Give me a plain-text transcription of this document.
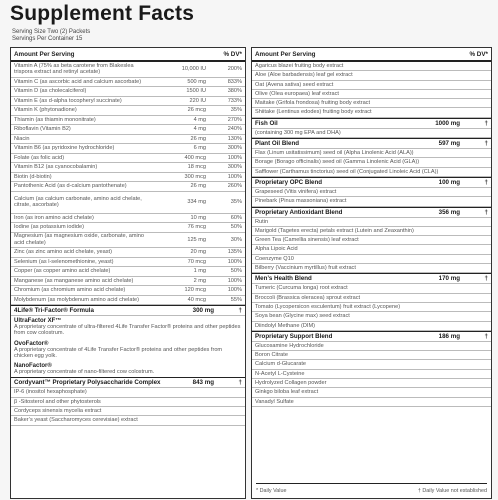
Supplement Facts
Serving Size Two (2) Packets
Servings Per Container 15
Amount Per Serving	% DV*
Vitamin A (75% as beta carotene from Blakeslea trispora extract and retinyl acetate)	10,000 IU	200%
Vitamin C (as ascorbic acid and calcium ascorbate)	500 mg	833%
Vitamin D (as cholecalciferol)	1500 IU	380%
Vitamin E (as d-alpha tocopheryl succinate)	220 IU	733%
Vitamin K (phytonadione)	26 mcg	35%
Thiamin (as thiamin mononitrate)	4 mg	270%
Riboflavin (Vitamin B2)	4 mg	240%
Niacin	26 mg	130%
Vitamin B6 (as pyridoxine hydrochloride)	6 mg	300%
Folate (as folic acid)	400 mcg	100%
Vitamin B12 (as cyanocobalamin)	18 mcg	300%
Biotin (d-biotin)	300 mcg	100%
Pantothenic Acid (as d-calcium pantothenate)	26 mg	260%
Calcium (as calcium carbonate, amino acid chelate, citrate, ascorbate)	334 mg	35%
Iron (as iron amino acid chelate)	10 mg	60%
Iodine (as potassium iodide)	76 mcg	50%
Magnesium (as magnesium oxide, carbonate, amino acid chelate)	125 mg	30%
Zinc (as zinc amino acid chelate, yeast)	20 mg	135%
Selenium (as l-selenomethionine, yeast)	70 mcg	100%
Copper (as copper amino acid chelate)	1 mg	50%
Manganese (as manganese amino acid chelate)	2 mg	100%
Chromium (as chromium amino acid chelate)	120 mcg	100%
Molybdenum (as molybdenum amino acid chelate)	40 mcg	55%
4Life® Tri-Factor® Formula	300 mg	†
UltraFactor XF™
A proprietary concentrate of ultra-filtered 4Life Transfer Factor® proteins and other peptides from cow colostrum.
OvoFactor®
A proprietary concentrate of 4Life Transfer Factor® proteins and other peptides from chicken egg yolk.
NanoFactor®
A proprietary concentrate of nano-filtered cow colostrum.
Cordyvant™ Proprietary Polysaccharide Complex	843 mg	†
IP-6 (inositol hexaphosphate)
β -Sitosterol and other phytosterols
Cordyceps sinensis mycelia extract
Baker’s yeast (Saccharomyces cerevisiae) extract
Amount Per Serving	% DV*
Agaricus blazei fruiting body extract
Aloe (Aloe barbadensis) leaf gel extract
Oat (Avena sativa) seed extract
Olive (Olea europaea) leaf extract
Maitake (Grifola frondosa) fruiting body extract
Shiitake (Lentinus edodes) fruiting body extract
Fish Oil	1000 mg	†
(containing 300 mg EPA and DHA)
Plant Oil Blend	597 mg	†
Flax (Linum usitatissimum) seed oil (Alpha Linolenic Acid (ALA))
Borage (Borago officinalis) seed oil (Gamma Linolenic Acid (GLA))
Safflower (Carthamus tinctorius) seed oil (Conjugated Linoleic Acid (CLA))
Proprietary OPC Blend	100 mg	†
Grapeseed (Vitis vinifera) extract
Pinebark (Pinus massoniana) extract
Proprietary Antioxidant Blend	356 mg	†
Rutin
Marigold (Tagetes erecta) petals extract (Lutein and Zeaxanthin)
Green Tea (Camellia sinensis) leaf extract
Alpha Lipoic Acid
Coenzyme Q10
Bilberry (Vaccinium myrtillus) fruit extract
Men’s Health Blend	170 mg	†
Tumeric (Curcuma longa) root extract
Broccoli (Brassica oleracea) sprout extract
Tomato (Lycopersicon esculentum) fruit extract (Lycopene)
Soya bean (Glycine max) seed extract
Diindolyl Methane (DIM)
Proprietary Support Blend	186 mg	†
Glucosamine Hydrochloride
Boron Citrate
Calcium d-Glucarate
N-Acetyl L-Cysteine
Hydrolyzed Collagen powder
Ginkgo biloba leaf extract
Vanadyl Sulfate
* Daily Value	† Daily Value not established
